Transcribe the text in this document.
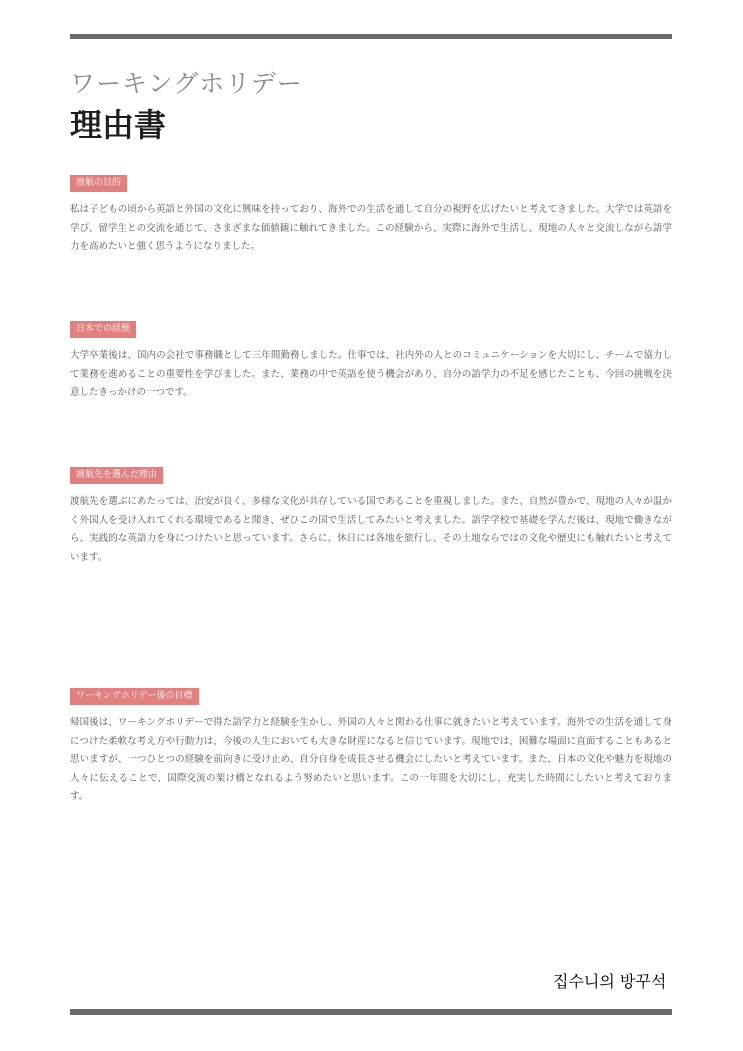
ワーキングホリデー
理由書
渡航の目的

私は子どもの頃から英語と外国の文化に興味を持っており、海外での生活を通して自分の視野を広げたいと考えてきました。大学では英語を学び、留学生との交流を通じて、さまざまな価値観に触れてきました。この経験から、実際に海外で生活し、現地の人々と交流しながら語学力を高めたいと強く思うようになりました。

日本での経歴

大学卒業後は、国内の会社で事務職として三年間勤務しました。仕事では、社内外の人とのコミュニケーションを大切にし、チームで協力して業務を進めることの重要性を学びました。また、業務の中で英語を使う機会があり、自分の語学力の不足を感じたことも、今回の挑戦を決意したきっかけの一つです。

渡航先を選んだ理由

渡航先を選ぶにあたっては、治安が良く、多様な文化が共存している国であることを重視しました。また、自然が豊かで、現地の人々が温かく外国人を受け入れてくれる環境であると聞き、ぜひこの国で生活してみたいと考えました。語学学校で基礎を学んだ後は、現地で働きながら、実践的な英語力を身につけたいと思っています。さらに、休日には各地を旅行し、その土地ならではの文化や歴史にも触れたいと考えています。

ワーキングホリデー後の目標

帰国後は、ワーキングホリデーで得た語学力と経験を生かし、外国の人々と関わる仕事に就きたいと考えています。海外での生活を通して身につけた柔軟な考え方や行動力は、今後の人生においても大きな財産になると信じています。現地では、困難な場面に直面することもあると思いますが、一つひとつの経験を前向きに受け止め、自分自身を成長させる機会にしたいと考えています。また、日本の文化や魅力を現地の人々に伝えることで、国際交流の架け橋となれるよう努めたいと思います。この一年間を大切にし、充実した時間にしたいと考えております。

집수니의 방꾸석
